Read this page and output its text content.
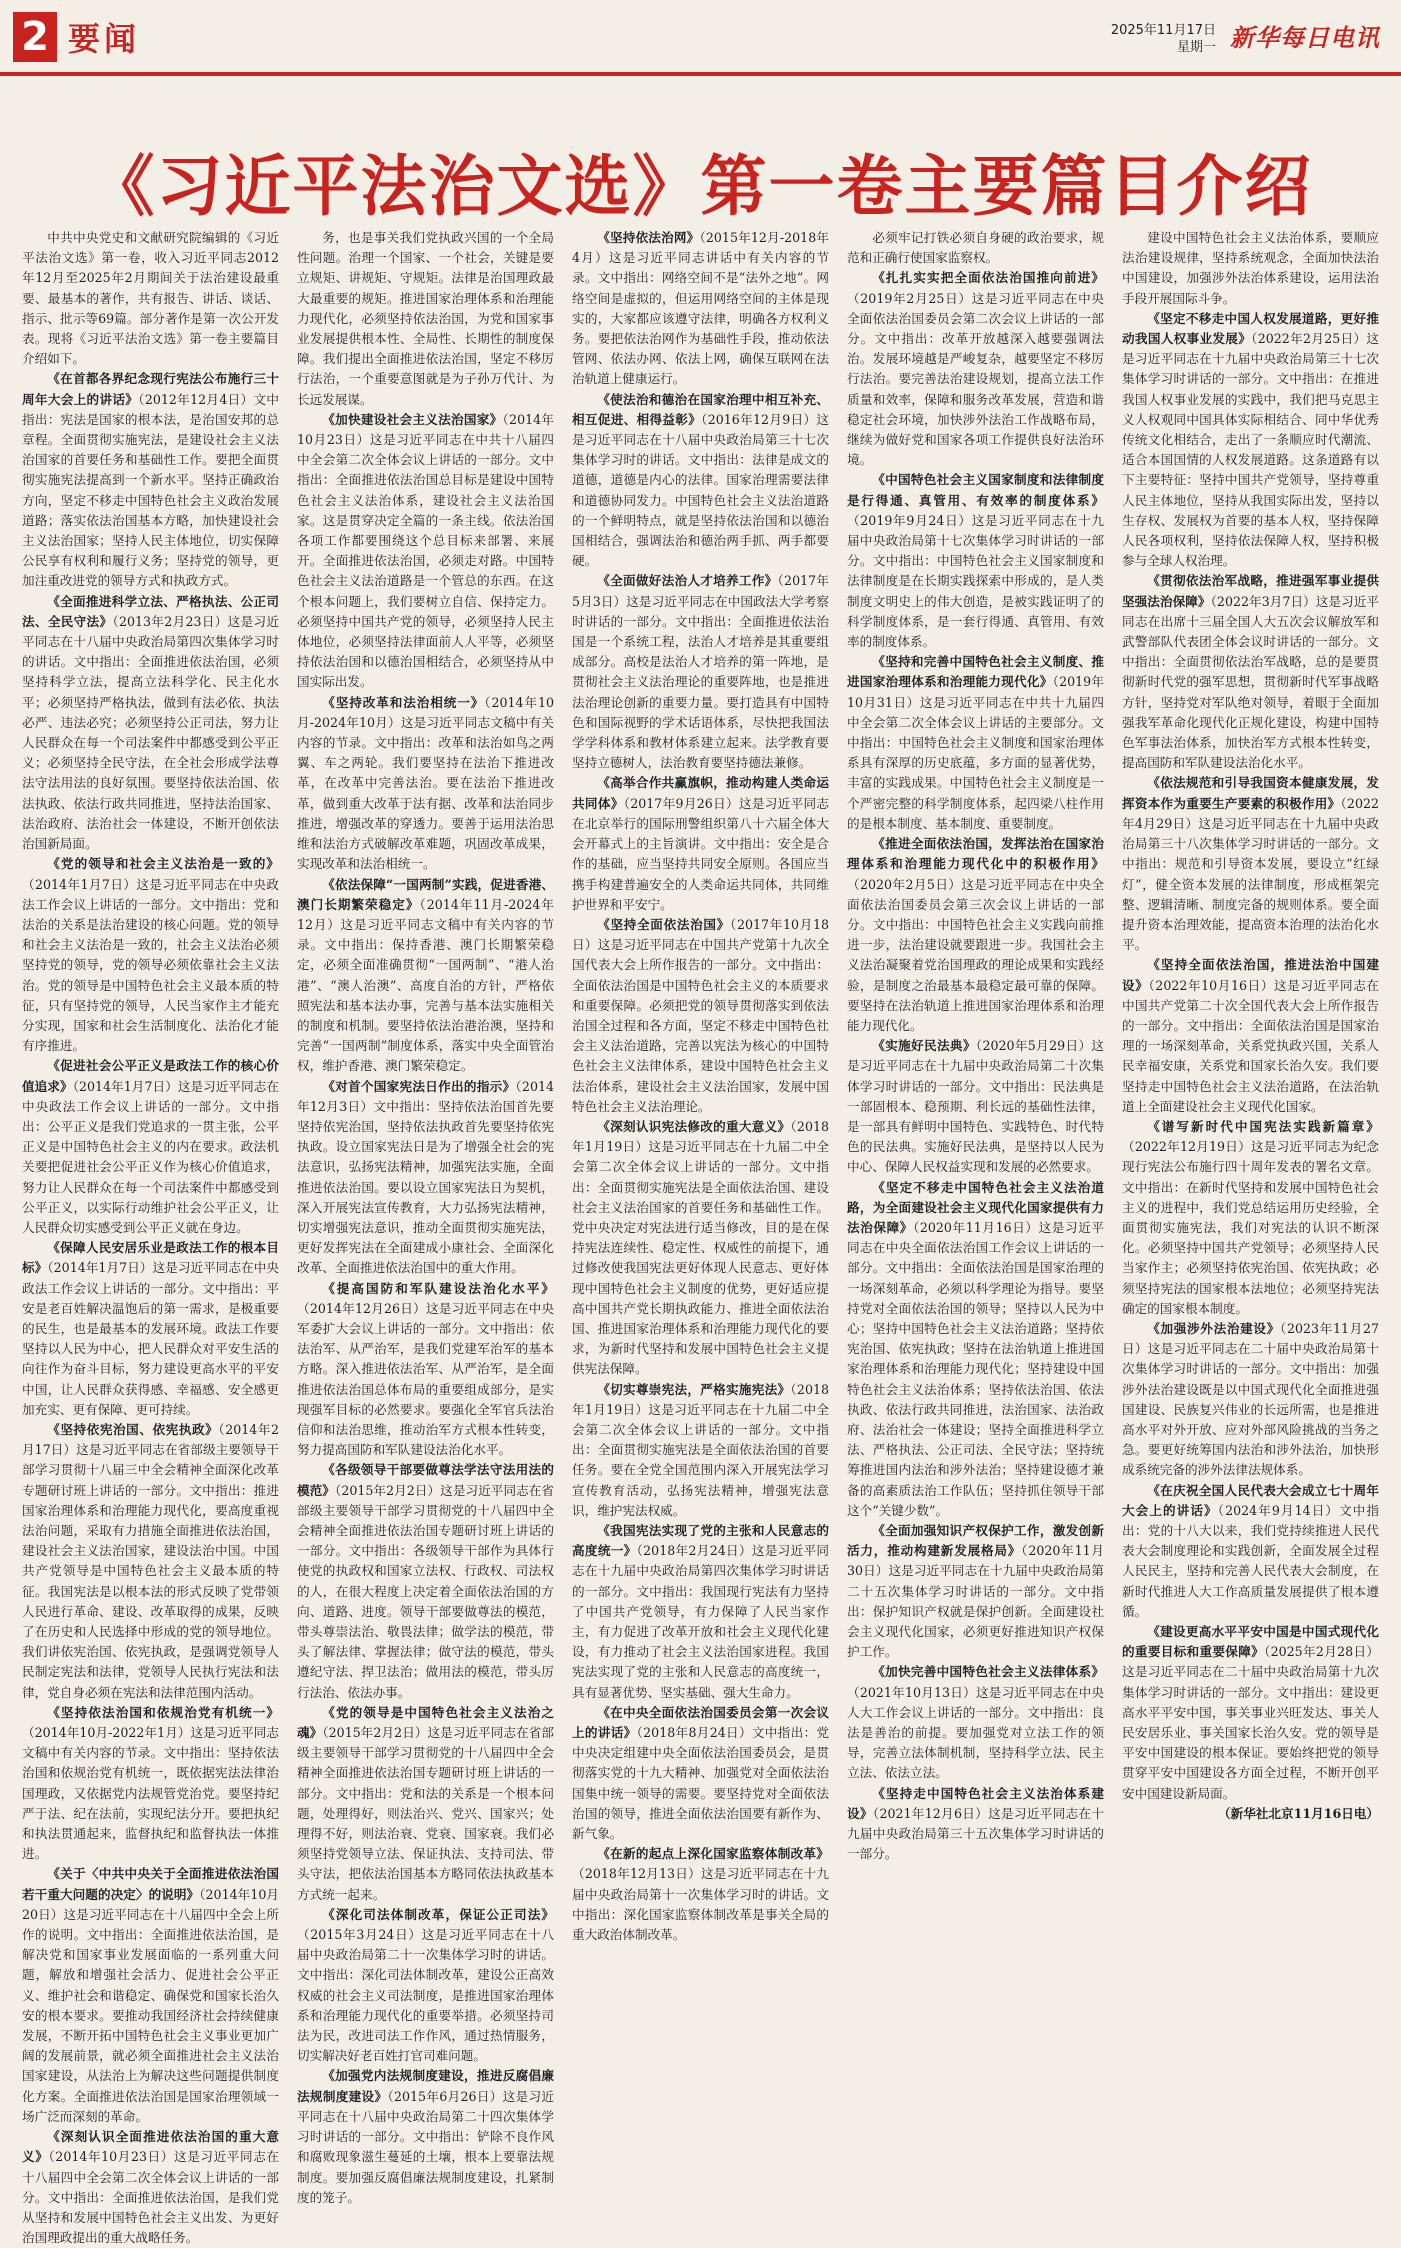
2 要闻	2025年11月17日
星期一 新华每日电讯
《习近平法治文选》第一卷主要篇目介绍

中共中央党史和文献研究院编辑的《习近平法治文选》第一卷，收入习近平同志2012年12月至2025年2月期间关于法治建设最重要、最基本的著作，共有报告、讲话、谈话、指示、批示等69篇。部分著作是第一次公开发表。现将《习近平法治文选》第一卷主要篇目介绍如下。

《在首都各界纪念现行宪法公布施行三十周年大会上的讲话》（2012年12月4日）文中指出：宪法是国家的根本法，是治国安邦的总章程。全面贯彻实施宪法，是建设社会主义法治国家的首要任务和基础性工作。要把全面贯彻实施宪法提高到一个新水平。坚持正确政治方向，坚定不移走中国特色社会主义政治发展道路；落实依法治国基本方略，加快建设社会主义法治国家；坚持人民主体地位，切实保障公民享有权利和履行义务；坚持党的领导，更加注重改进党的领导方式和执政方式。

《全面推进科学立法、严格执法、公正司法、全民守法》（2013年2月23日）这是习近平同志在十八届中央政治局第四次集体学习时的讲话。文中指出：全面推进依法治国，必须坚持科学立法，提高立法科学化、民主化水平；必须坚持严格执法，做到有法必依、执法必严、违法必究；必须坚持公正司法，努力让人民群众在每一个司法案件中都感受到公平正义；必须坚持全民守法，在全社会形成学法尊法守法用法的良好氛围。要坚持依法治国、依法执政、依法行政共同推进，坚持法治国家、法治政府、法治社会一体建设，不断开创依法治国新局面。

《党的领导和社会主义法治是一致的》（2014年1月7日）这是习近平同志在中央政法工作会议上讲话的一部分。文中指出：党和法治的关系是法治建设的核心问题。党的领导和社会主义法治是一致的，社会主义法治必须坚持党的领导，党的领导必须依靠社会主义法治。党的领导是中国特色社会主义最本质的特征，只有坚持党的领导，人民当家作主才能充分实现，国家和社会生活制度化、法治化才能有序推进。

《促进社会公平正义是政法工作的核心价值追求》（2014年1月7日）这是习近平同志在中央政法工作会议上讲话的一部分。文中指出：公平正义是我们党追求的一贯主张，公平正义是中国特色社会主义的内在要求。政法机关要把促进社会公平正义作为核心价值追求，努力让人民群众在每一个司法案件中都感受到公平正义，以实际行动维护社会公平正义，让人民群众切实感受到公平正义就在身边。

《保障人民安居乐业是政法工作的根本目标》（2014年1月7日）这是习近平同志在中央政法工作会议上讲话的一部分。文中指出：平安是老百姓解决温饱后的第一需求，是极重要的民生，也是最基本的发展环境。政法工作要坚持以人民为中心，把人民群众对平安生活的向往作为奋斗目标，努力建设更高水平的平安中国，让人民群众获得感、幸福感、安全感更加充实、更有保障、更可持续。

《坚持依宪治国、依宪执政》（2014年2月17日）这是习近平同志在省部级主要领导干部学习贯彻十八届三中全会精神全面深化改革专题研讨班上讲话的一部分。文中指出：推进国家治理体系和治理能力现代化，要高度重视法治问题，采取有力措施全面推进依法治国，建设社会主义法治国家，建设法治中国。中国共产党领导是中国特色社会主义最本质的特征。我国宪法是以根本法的形式反映了党带领人民进行革命、建设、改革取得的成果，反映了在历史和人民选择中形成的党的领导地位。我们讲依宪治国、依宪执政，是强调党领导人民制定宪法和法律，党领导人民执行宪法和法律，党自身必须在宪法和法律范围内活动。

《坚持依法治国和依规治党有机统一》（2014年10月-2022年1月）这是习近平同志文稿中有关内容的节录。文中指出：坚持依法治国和依规治党有机统一，既依据宪法法律治国理政，又依据党内法规管党治党。要坚持纪严于法、纪在法前，实现纪法分开。要把执纪和执法贯通起来，监督执纪和监督执法一体推进。

《关于〈中共中央关于全面推进依法治国若干重大问题的决定〉的说明》（2014年10月20日）这是习近平同志在十八届四中全会上所作的说明。文中指出：全面推进依法治国，是解决党和国家事业发展面临的一系列重大问题，解放和增强社会活力、促进社会公平正义、维护社会和谐稳定、确保党和国家长治久安的根本要求。要推动我国经济社会持续健康发展，不断开拓中国特色社会主义事业更加广阔的发展前景，就必须全面推进社会主义法治国家建设，从法治上为解决这些问题提供制度化方案。全面推进依法治国是国家治理领域一场广泛而深刻的革命。

《深刻认识全面推进依法治国的重大意义》（2014年10月23日）这是习近平同志在十八届四中全会第二次全体会议上讲话的一部分。文中指出：全面推进依法治国，是我们党从坚持和发展中国特色社会主义出发、为更好治国理政提出的重大战略任务。

务，也是事关我们党执政兴国的一个全局性问题。治理一个国家、一个社会，关键是要立规矩、讲规矩、守规矩。法律是治国理政最大最重要的规矩。推进国家治理体系和治理能力现代化，必须坚持依法治国，为党和国家事业发展提供根本性、全局性、长期性的制度保障。我们提出全面推进依法治国，坚定不移厉行法治，一个重要意图就是为子孙万代计、为长远发展谋。

《加快建设社会主义法治国家》（2014年10月23日）这是习近平同志在中共十八届四中全会第二次全体会议上讲话的一部分。文中指出：全面推进依法治国总目标是建设中国特色社会主义法治体系，建设社会主义法治国家。这是贯穿决定全篇的一条主线。依法治国各项工作都要围绕这个总目标来部署、来展开。全面推进依法治国，必须走对路。中国特色社会主义法治道路是一个管总的东西。在这个根本问题上，我们要树立自信、保持定力。必须坚持中国共产党的领导，必须坚持人民主体地位，必须坚持法律面前人人平等，必须坚持依法治国和以德治国相结合，必须坚持从中国实际出发。

《坚持改革和法治相统一》（2014年10月-2024年10月）这是习近平同志文稿中有关内容的节录。文中指出：改革和法治如鸟之两翼、车之两轮。我们要坚持在法治下推进改革，在改革中完善法治。要在法治下推进改革，做到重大改革于法有据、改革和法治同步推进，增强改革的穿透力。要善于运用法治思维和法治方式破解改革难题，巩固改革成果，实现改革和法治相统一。

《依法保障“一国两制”实践，促进香港、澳门长期繁荣稳定》（2014年11月-2024年12月）这是习近平同志文稿中有关内容的节录。文中指出：保持香港、澳门长期繁荣稳定，必须全面准确贯彻“一国两制”、“港人治港”、“澳人治澳”、高度自治的方针，严格依照宪法和基本法办事，完善与基本法实施相关的制度和机制。要坚持依法治港治澳，坚持和完善“一国两制”制度体系，落实中央全面管治权，维护香港、澳门繁荣稳定。

《对首个国家宪法日作出的指示》（2014年12月3日）文中指出：坚持依法治国首先要坚持依宪治国，坚持依法执政首先要坚持依宪执政。设立国家宪法日是为了增强全社会的宪法意识，弘扬宪法精神，加强宪法实施，全面推进依法治国。要以设立国家宪法日为契机，深入开展宪法宣传教育，大力弘扬宪法精神，切实增强宪法意识，推动全面贯彻实施宪法，更好发挥宪法在全面建成小康社会、全面深化改革、全面推进依法治国中的重大作用。

《提高国防和军队建设法治化水平》（2014年12月26日）这是习近平同志在中央军委扩大会议上讲话的一部分。文中指出：依法治军、从严治军，是我们党建军治军的基本方略。深入推进依法治军、从严治军，是全面推进依法治国总体布局的重要组成部分，是实现强军目标的必然要求。要强化全军官兵法治信仰和法治思维，推动治军方式根本性转变，努力提高国防和军队建设法治化水平。

《各级领导干部要做尊法学法守法用法的模范》（2015年2月2日）这是习近平同志在省部级主要领导干部学习贯彻党的十八届四中全会精神全面推进依法治国专题研讨班上讲话的一部分。文中指出：各级领导干部作为具体行使党的执政权和国家立法权、行政权、司法权的人，在很大程度上决定着全面依法治国的方向、道路、进度。领导干部要做尊法的模范，带头尊崇法治、敬畏法律；做学法的模范，带头了解法律、掌握法律；做守法的模范，带头遵纪守法、捍卫法治；做用法的模范，带头厉行法治、依法办事。

《党的领导是中国特色社会主义法治之魂》（2015年2月2日）这是习近平同志在省部级主要领导干部学习贯彻党的十八届四中全会精神全面推进依法治国专题研讨班上讲话的一部分。文中指出：党和法的关系是一个根本问题，处理得好，则法治兴、党兴、国家兴；处理得不好，则法治衰、党衰、国家衰。我们必须坚持党领导立法、保证执法、支持司法、带头守法，把依法治国基本方略同依法执政基本方式统一起来。

《深化司法体制改革，保证公正司法》（2015年3月24日）这是习近平同志在十八届中央政治局第二十一次集体学习时的讲话。文中指出：深化司法体制改革，建设公正高效权威的社会主义司法制度，是推进国家治理体系和治理能力现代化的重要举措。必须坚持司法为民，改进司法工作作风，通过热情服务，切实解决好老百姓打官司难问题。

《加强党内法规制度建设，推进反腐倡廉法规制度建设》（2015年6月26日）这是习近平同志在十八届中央政治局第二十四次集体学习时讲话的一部分。文中指出：铲除不良作风和腐败现象滋生蔓延的土壤，根本上要靠法规制度。要加强反腐倡廉法规制度建设，扎紧制度的笼子。

《坚持依法治网》（2015年12月-2018年4月）这是习近平同志讲话中有关内容的节录。文中指出：网络空间不是“法外之地”。网络空间是虚拟的，但运用网络空间的主体是现实的，大家都应该遵守法律，明确各方权利义务。要把依法治网作为基础性手段，推动依法管网、依法办网、依法上网，确保互联网在法治轨道上健康运行。

《使法治和德治在国家治理中相互补充、相互促进、相得益彰》（2016年12月9日）这是习近平同志在十八届中央政治局第三十七次集体学习时的讲话。文中指出：法律是成文的道德，道德是内心的法律。国家治理需要法律和道德协同发力。中国特色社会主义法治道路的一个鲜明特点，就是坚持依法治国和以德治国相结合，强调法治和德治两手抓、两手都要硬。

《全面做好法治人才培养工作》（2017年5月3日）这是习近平同志在中国政法大学考察时讲话的一部分。文中指出：全面推进依法治国是一个系统工程，法治人才培养是其重要组成部分。高校是法治人才培养的第一阵地，是贯彻社会主义法治理论的重要阵地，也是推进法治理论创新的重要力量。要打造具有中国特色和国际视野的学术话语体系，尽快把我国法学学科体系和教材体系建立起来。法学教育要坚持立德树人，法治教育要坚持德法兼修。

《高举合作共赢旗帜，推动构建人类命运共同体》（2017年9月26日）这是习近平同志在北京举行的国际刑警组织第八十六届全体大会开幕式上的主旨演讲。文中指出：安全是合作的基础，应当坚持共同安全原则。各国应当携手构建普遍安全的人类命运共同体，共同维护世界和平安宁。

《坚持全面依法治国》（2017年10月18日）这是习近平同志在中国共产党第十九次全国代表大会上所作报告的一部分。文中指出：全面依法治国是中国特色社会主义的本质要求和重要保障。必须把党的领导贯彻落实到依法治国全过程和各方面，坚定不移走中国特色社会主义法治道路，完善以宪法为核心的中国特色社会主义法律体系，建设中国特色社会主义法治体系，建设社会主义法治国家，发展中国特色社会主义法治理论。

《深刻认识宪法修改的重大意义》（2018年1月19日）这是习近平同志在十九届二中全会第二次全体会议上讲话的一部分。文中指出：全面贯彻实施宪法是全面依法治国、建设社会主义法治国家的首要任务和基础性工作。党中央决定对宪法进行适当修改，目的是在保持宪法连续性、稳定性、权威性的前提下，通过修改使我国宪法更好体现人民意志、更好体现中国特色社会主义制度的优势，更好适应提高中国共产党长期执政能力、推进全面依法治国、推进国家治理体系和治理能力现代化的要求，为新时代坚持和发展中国特色社会主义提供宪法保障。

《切实尊崇宪法，严格实施宪法》（2018年1月19日）这是习近平同志在十九届二中全会第二次全体会议上讲话的一部分。文中指出：全面贯彻实施宪法是全面依法治国的首要任务。要在全党全国范围内深入开展宪法学习宣传教育活动，弘扬宪法精神，增强宪法意识，维护宪法权威。

《我国宪法实现了党的主张和人民意志的高度统一》（2018年2月24日）这是习近平同志在十九届中央政治局第四次集体学习时讲话的一部分。文中指出：我国现行宪法有力坚持了中国共产党领导，有力保障了人民当家作主，有力促进了改革开放和社会主义现代化建设，有力推动了社会主义法治国家进程。我国宪法实现了党的主张和人民意志的高度统一，具有显著优势、坚实基础、强大生命力。

《在中央全面依法治国委员会第一次会议上的讲话》（2018年8月24日）文中指出：党中央决定组建中央全面依法治国委员会，是贯彻落实党的十九大精神、加强党对全面依法治国集中统一领导的需要。要坚持党对全面依法治国的领导，推进全面依法治国要有新作为、新气象。

《在新的起点上深化国家监察体制改革》（2018年12月13日）这是习近平同志在十九届中央政治局第十一次集体学习时的讲话。文中指出：深化国家监察体制改革是事关全局的重大政治体制改革。

必须牢记打铁必须自身硬的政治要求，规范和正确行使国家监察权。

《扎扎实实把全面依法治国推向前进》（2019年2月25日）这是习近平同志在中央全面依法治国委员会第二次会议上讲话的一部分。文中指出：改革开放越深入越要强调法治。发展环境越是严峻复杂，越要坚定不移厉行法治。要完善法治建设规划，提高立法工作质量和效率，保障和服务改革发展，营造和谐稳定社会环境，加快涉外法治工作战略布局，继续为做好党和国家各项工作提供良好法治环境。

《中国特色社会主义国家制度和法律制度是行得通、真管用、有效率的制度体系》（2019年9月24日）这是习近平同志在十九届中央政治局第十七次集体学习时讲话的一部分。文中指出：中国特色社会主义国家制度和法律制度是在长期实践探索中形成的，是人类制度文明史上的伟大创造，是被实践证明了的科学制度体系，是一套行得通、真管用、有效率的制度体系。

《坚持和完善中国特色社会主义制度、推进国家治理体系和治理能力现代化》（2019年10月31日）这是习近平同志在中共十九届四中全会第二次全体会议上讲话的主要部分。文中指出：中国特色社会主义制度和国家治理体系具有深厚的历史底蕴，多方面的显著优势，丰富的实践成果。中国特色社会主义制度是一个严密完整的科学制度体系，起四梁八柱作用的是根本制度、基本制度、重要制度。

《推进全面依法治国，发挥法治在国家治理体系和治理能力现代化中的积极作用》（2020年2月5日）这是习近平同志在中央全面依法治国委员会第三次会议上讲话的一部分。文中指出：中国特色社会主义实践向前推进一步，法治建设就要跟进一步。我国社会主义法治凝聚着党治国理政的理论成果和实践经验，是制度之治最基本最稳定最可靠的保障。要坚持在法治轨道上推进国家治理体系和治理能力现代化。

《实施好民法典》（2020年5月29日）这是习近平同志在十九届中央政治局第二十次集体学习时讲话的一部分。文中指出：民法典是一部固根本、稳预期、利长远的基础性法律，是一部具有鲜明中国特色、实践特色、时代特色的民法典。实施好民法典，是坚持以人民为中心、保障人民权益实现和发展的必然要求。

《坚定不移走中国特色社会主义法治道路，为全面建设社会主义现代化国家提供有力法治保障》（2020年11月16日）这是习近平同志在中央全面依法治国工作会议上讲话的一部分。文中指出：全面依法治国是国家治理的一场深刻革命，必须以科学理论为指导。要坚持党对全面依法治国的领导；坚持以人民为中心；坚持中国特色社会主义法治道路；坚持依宪治国、依宪执政；坚持在法治轨道上推进国家治理体系和治理能力现代化；坚持建设中国特色社会主义法治体系；坚持依法治国、依法执政、依法行政共同推进，法治国家、法治政府、法治社会一体建设；坚持全面推进科学立法、严格执法、公正司法、全民守法；坚持统筹推进国内法治和涉外法治；坚持建设德才兼备的高素质法治工作队伍；坚持抓住领导干部这个“关键少数”。

《全面加强知识产权保护工作，激发创新活力，推动构建新发展格局》（2020年11月30日）这是习近平同志在十九届中央政治局第二十五次集体学习时讲话的一部分。文中指出：保护知识产权就是保护创新。全面建设社会主义现代化国家，必须更好推进知识产权保护工作。

《加快完善中国特色社会主义法律体系》（2021年10月13日）这是习近平同志在中央人大工作会议上讲话的一部分。文中指出：良法是善治的前提。要加强党对立法工作的领导，完善立法体制机制，坚持科学立法、民主立法、依法立法。

《坚持走中国特色社会主义法治体系建设》（2021年12月6日）这是习近平同志在十九届中央政治局第三十五次集体学习时讲话的一部分。

建设中国特色社会主义法治体系，要顺应法治建设规律，坚持系统观念，全面加快法治中国建设，加强涉外法治体系建设，运用法治手段开展国际斗争。

《坚定不移走中国人权发展道路，更好推动我国人权事业发展》（2022年2月25日）这是习近平同志在十九届中央政治局第三十七次集体学习时讲话的一部分。文中指出：在推进我国人权事业发展的实践中，我们把马克思主义人权观同中国具体实际相结合、同中华优秀传统文化相结合，走出了一条顺应时代潮流、适合本国国情的人权发展道路。这条道路有以下主要特征：坚持中国共产党领导，坚持尊重人民主体地位，坚持从我国实际出发，坚持以生存权、发展权为首要的基本人权，坚持保障人民各项权利，坚持依法保障人权，坚持积极参与全球人权治理。

《贯彻依法治军战略，推进强军事业提供坚强法治保障》（2022年3月7日）这是习近平同志在出席十三届全国人大五次会议解放军和武警部队代表团全体会议时讲话的一部分。文中指出：全面贯彻依法治军战略，总的是要贯彻新时代党的强军思想，贯彻新时代军事战略方针，坚持党对军队绝对领导，着眼于全面加强我军革命化现代化正规化建设，构建中国特色军事法治体系，加快治军方式根本性转变，提高国防和军队建设法治化水平。

《依法规范和引导我国资本健康发展，发挥资本作为重要生产要素的积极作用》（2022年4月29日）这是习近平同志在十九届中央政治局第三十八次集体学习时讲话的一部分。文中指出：规范和引导资本发展，要设立“红绿灯”，健全资本发展的法律制度，形成框架完整、逻辑清晰、制度完备的规则体系。要全面提升资本治理效能，提高资本治理的法治化水平。

《坚持全面依法治国，推进法治中国建设》（2022年10月16日）这是习近平同志在中国共产党第二十次全国代表大会上所作报告的一部分。文中指出：全面依法治国是国家治理的一场深刻革命，关系党执政兴国，关系人民幸福安康，关系党和国家长治久安。我们要坚持走中国特色社会主义法治道路，在法治轨道上全面建设社会主义现代化国家。

《谱写新时代中国宪法实践新篇章》（2022年12月19日）这是习近平同志为纪念现行宪法公布施行四十周年发表的署名文章。文中指出：在新时代坚持和发展中国特色社会主义的进程中，我们党总结运用历史经验，全面贯彻实施宪法，我们对宪法的认识不断深化。必须坚持中国共产党领导；必须坚持人民当家作主；必须坚持依宪治国、依宪执政；必须坚持宪法的国家根本法地位；必须坚持宪法确定的国家根本制度。

《加强涉外法治建设》（2023年11月27日）这是习近平同志在二十届中央政治局第十次集体学习时讲话的一部分。文中指出：加强涉外法治建设既是以中国式现代化全面推进强国建设、民族复兴伟业的长远所需，也是推进高水平对外开放、应对外部风险挑战的当务之急。要更好统筹国内法治和涉外法治，加快形成系统完备的涉外法律法规体系。

《在庆祝全国人民代表大会成立七十周年大会上的讲话》（2024年9月14日）文中指出：党的十八大以来，我们党持续推进人民代表大会制度理论和实践创新，全面发展全过程人民民主，坚持和完善人民代表大会制度，在新时代推进人大工作高质量发展提供了根本遵循。

《建设更高水平平安中国是中国式现代化的重要目标和重要保障》（2025年2月28日）这是习近平同志在二十届中央政治局第十九次集体学习时讲话的一部分。文中指出：建设更高水平平安中国，事关事业兴旺发达、事关人民安居乐业、事关国家长治久安。党的领导是平安中国建设的根本保证。要始终把党的领导贯穿平安中国建设各方面全过程，不断开创平安中国建设新局面。

（新华社北京11月16日电）
